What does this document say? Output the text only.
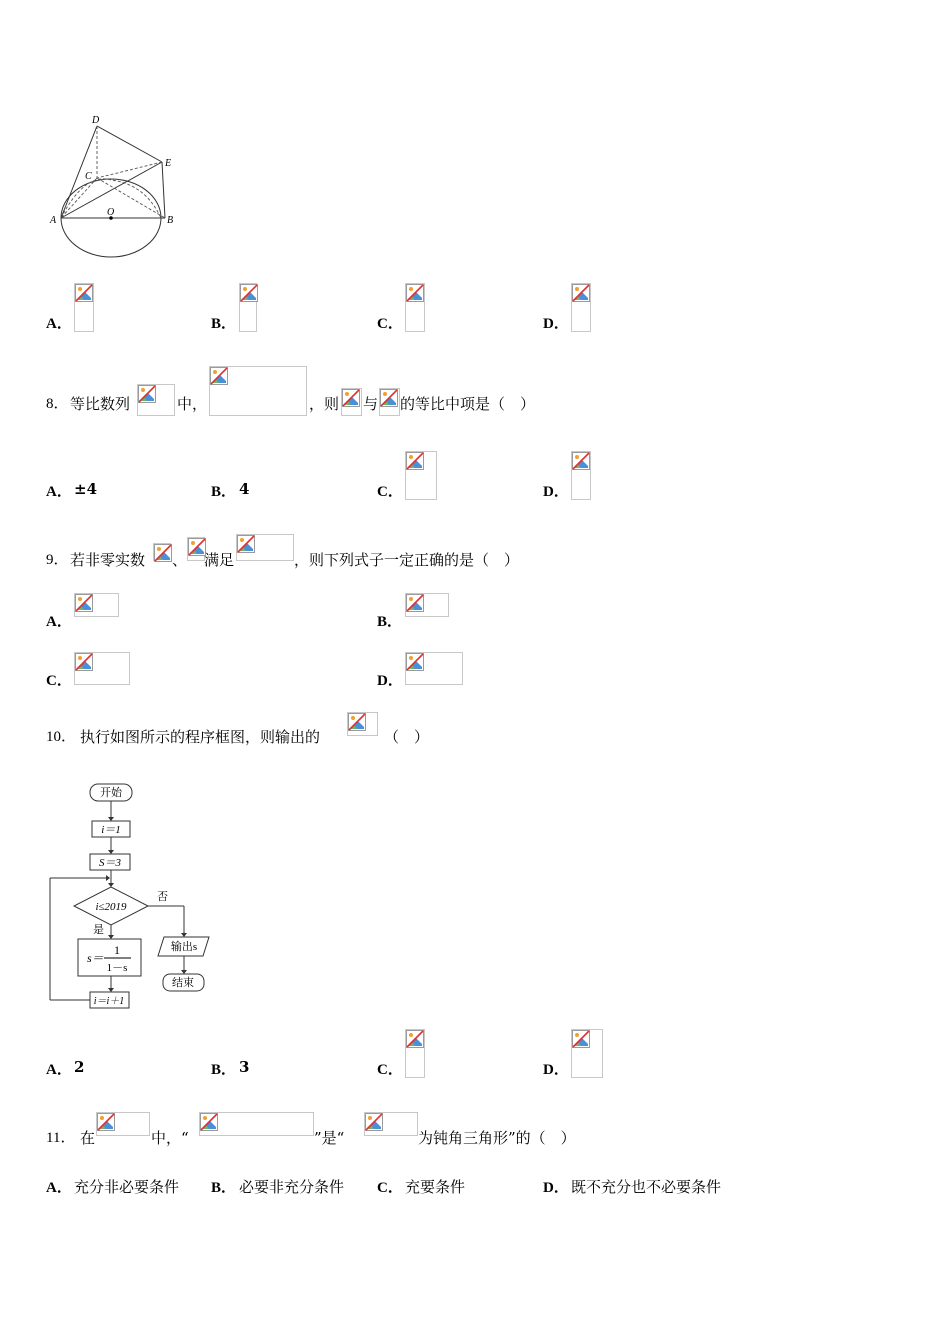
D
C
E
A
O
B
A．	B．	C．	D．
8． 等比数列	中，	，则 与 的等比中项是（　）
A． ±4	B． 4	C．	D．
9． 若非零实数 、 满足	，则下列式子一定正确的是（　）
A．	B．
C．	D．
10． 执行如图所示的程序框图，则输出的	（　）
开始
i＝1
S＝3
i≤2019
否
输出s
结束
是
s＝
1
1－s
i＝i＋1
A． 2	B． 3	C．	D．
11． 在	中，“	”是“	为钝角三角形”的（　）
A． 充分非必要条件 B． 必要非充分条件 C． 充要条件	D． 既不充分也不必要条件
